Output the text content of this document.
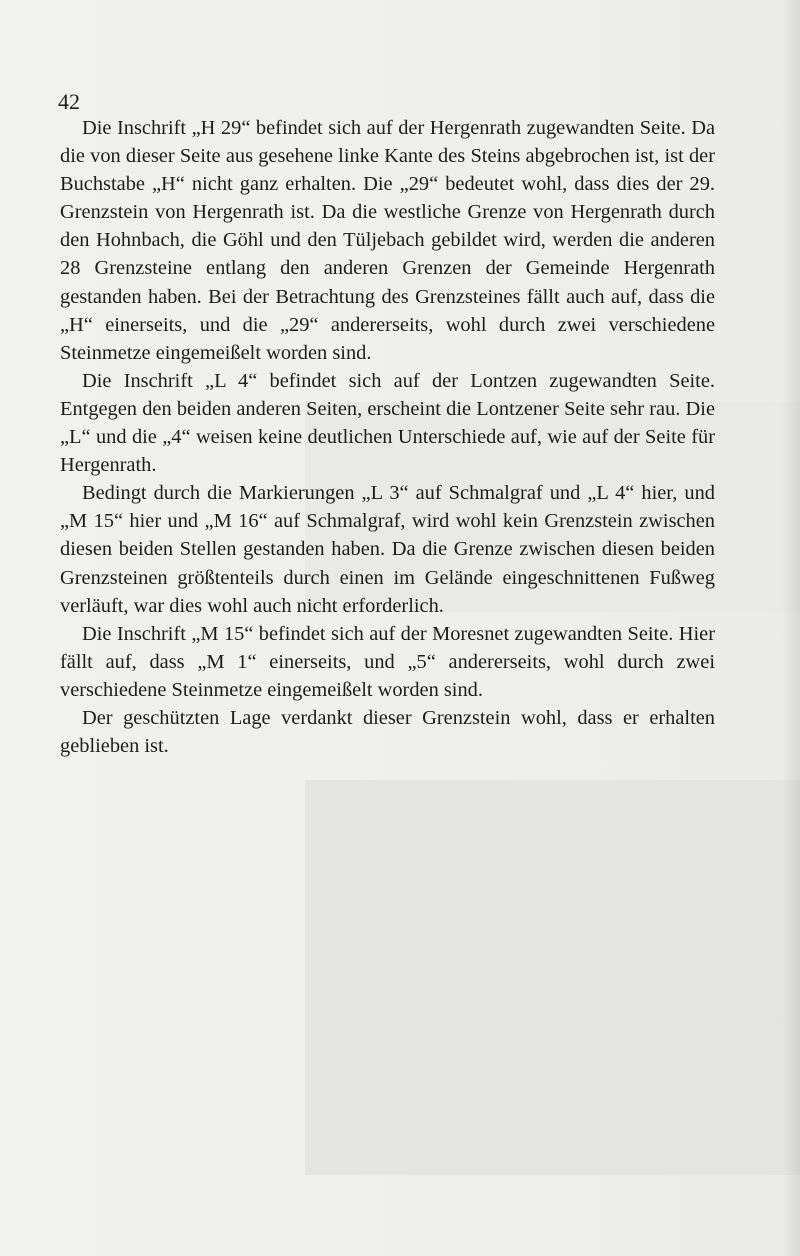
42

Die Inschrift „H 29“ befindet sich auf der Hergenrath zugewandten Seite. Da die von dieser Seite aus gesehene linke Kante des Steins abgebrochen ist, ist der Buchstabe „H“ nicht ganz erhalten. Die „29“ bedeutet wohl, dass dies der 29. Grenzstein von Hergenrath ist. Da die westliche Grenze von Hergenrath durch den Hohnbach, die Göhl und den Tüljebach gebildet wird, werden die anderen 28 Grenzsteine entlang den anderen Grenzen der Gemeinde Hergenrath gestanden haben. Bei der Betrachtung des Grenzsteines fällt auch auf, dass die „H“ einerseits, und die „29“ andererseits, wohl durch zwei verschiedene Steinmetze eingemeißelt worden sind.

Die Inschrift „L 4“ befindet sich auf der Lontzen zugewandten Seite. Entgegen den beiden anderen Seiten, erscheint die Lontzener Seite sehr rau. Die „L“ und die „4“ weisen keine deutlichen Unterschiede auf, wie auf der Seite für Hergenrath.

Bedingt durch die Markierungen „L 3“ auf Schmalgraf und „L 4“ hier, und „M 15“ hier und „M 16“ auf Schmalgraf, wird wohl kein Grenzstein zwischen diesen beiden Stellen gestanden haben. Da die Grenze zwischen diesen beiden Grenzsteinen größtenteils durch einen im Gelände eingeschnittenen Fußweg verläuft, war dies wohl auch nicht erforderlich.

Die Inschrift „M 15“ befindet sich auf der Moresnet zugewandten Seite. Hier fällt auf, dass „M 1“ einerseits, und „5“ andererseits, wohl durch zwei verschiedene Steinmetze eingemeißelt worden sind.

Der geschützten Lage verdankt dieser Grenzstein wohl, dass er erhalten geblieben ist.
